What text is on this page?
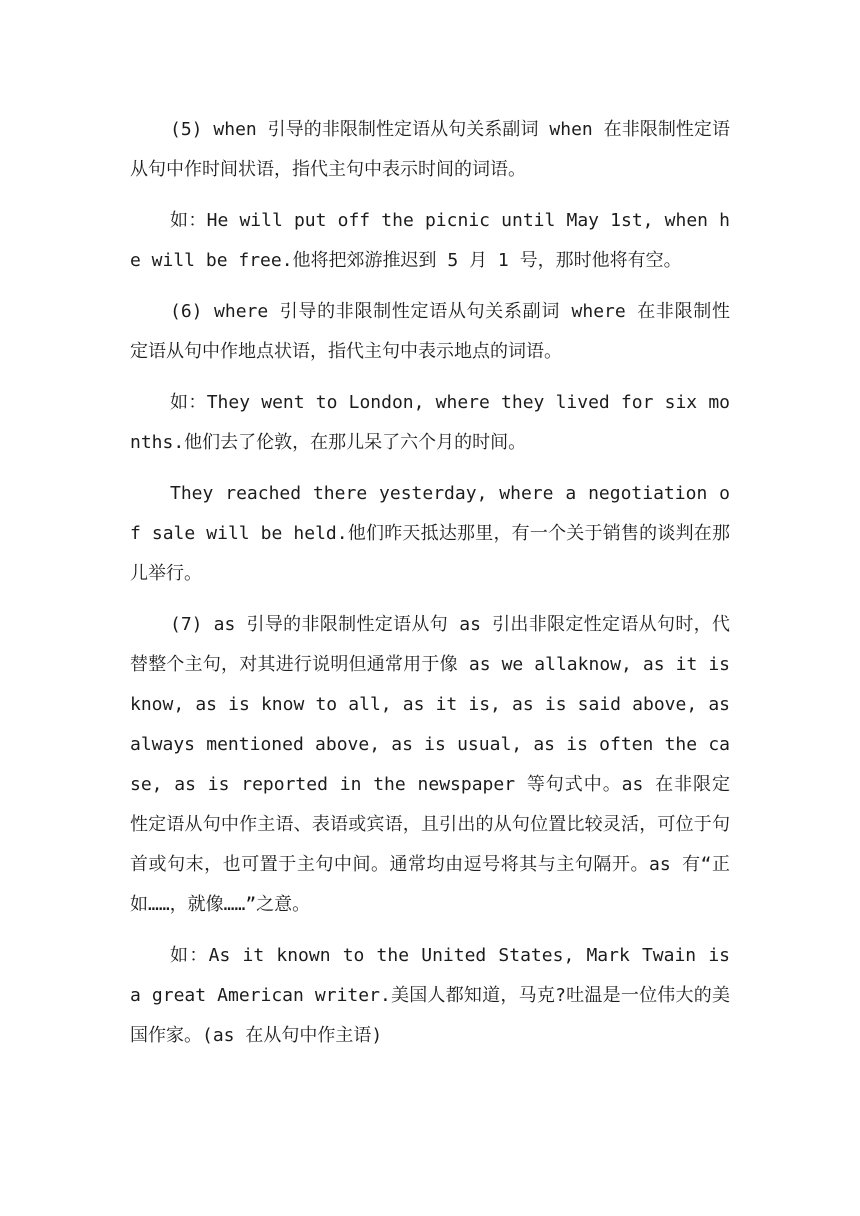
(5) when 引导的非限制性定语从句关系副词 when 在非限制性定语从句中作时间状语，指代主句中表示时间的词语。

如：He will put off the picnic until May 1st, when he will be free.他将把郊游推迟到 5 月 1 号，那时他将有空。

(6) where 引导的非限制性定语从句关系副词 where 在非限制性定语从句中作地点状语，指代主句中表示地点的词语。

如：They went to London, where they lived for six months.他们去了伦敦，在那儿呆了六个月的时间。

They reached there yesterday, where a negotiation of sale will be held.他们昨天抵达那里，有一个关于销售的谈判在那儿举行。

(7) as 引导的非限制性定语从句 as 引出非限定性定语从句时，代替整个主句，对其进行说明但通常用于像 as we allaknow, as it is know, as is know to all, as it is, as is said above, as always mentioned above, as is usual, as is often the case, as is reported in the newspaper 等句式中。as 在非限定性定语从句中作主语、表语或宾语，且引出的从句位置比较灵活，可位于句首或句末，也可置于主句中间。通常均由逗号将其与主句隔开。as 有“正如……，就像……”之意。

如：As it known to the United States, Mark Twain is a great American writer.美国人都知道，马克?吐温是一位伟大的美国作家。(as 在从句中作主语)
